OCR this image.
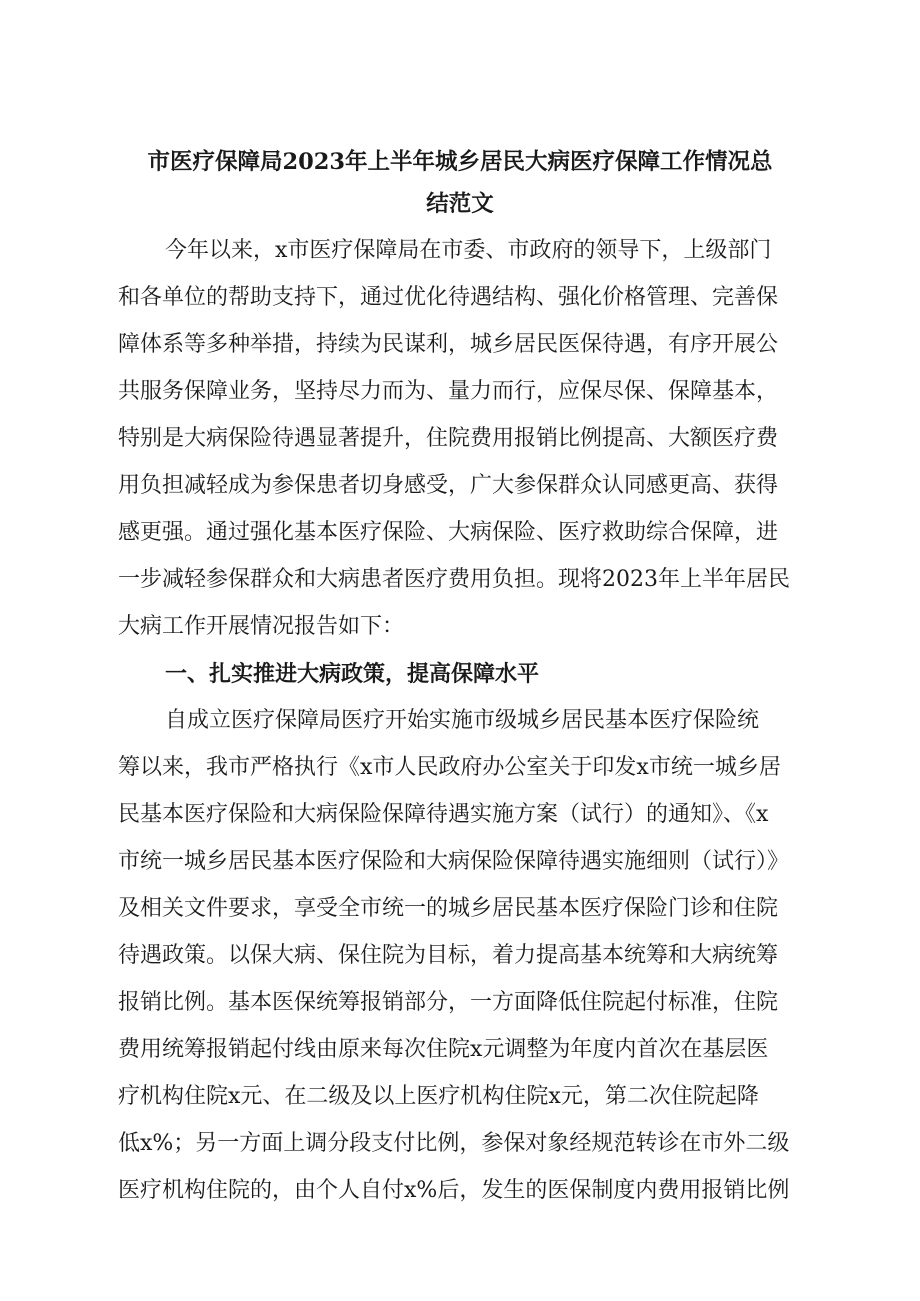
市医疗保障局2023年上半年城乡居民大病医疗保障工作情况总
结范文
今年以来，x市医疗保障局在市委、市政府的领导下，上级部门
和各单位的帮助支持下，通过优化待遇结构、强化价格管理、完善保
障体系等多种举措，持续为民谋利，城乡居民医保待遇，有序开展公
共服务保障业务，坚持尽力而为、量力而行，应保尽保、保障基本，
特别是大病保险待遇显著提升，住院费用报销比例提高、大额医疗费
用负担减轻成为参保患者切身感受，广大参保群众认同感更高、获得
感更强。通过强化基本医疗保险、大病保险、医疗救助综合保障，进
一步减轻参保群众和大病患者医疗费用负担。现将2023年上半年居民
大病工作开展情况报告如下：
一、扎实推进大病政策，提高保障水平
自成立医疗保障局医疗开始实施市级城乡居民基本医疗保险统
筹以来，我市严格执行《x市人民政府办公室关于印发x市统一城乡居
民基本医疗保险和大病保险保障待遇实施方案（试行）的通知》、《x
市统一城乡居民基本医疗保险和大病保险保障待遇实施细则（试行）》
及相关文件要求，享受全市统一的城乡居民基本医疗保险门诊和住院
待遇政策。以保大病、保住院为目标，着力提高基本统筹和大病统筹
报销比例。基本医保统筹报销部分，一方面降低住院起付标准，住院
费用统筹报销起付线由原来每次住院x元调整为年度内首次在基层医
疗机构住院x元、在二级及以上医疗机构住院x元，第二次住院起降
低x%；另一方面上调分段支付比例，参保对象经规范转诊在市外二级
医疗机构住院的，由个人自付x%后，发生的医保制度内费用报销比例
